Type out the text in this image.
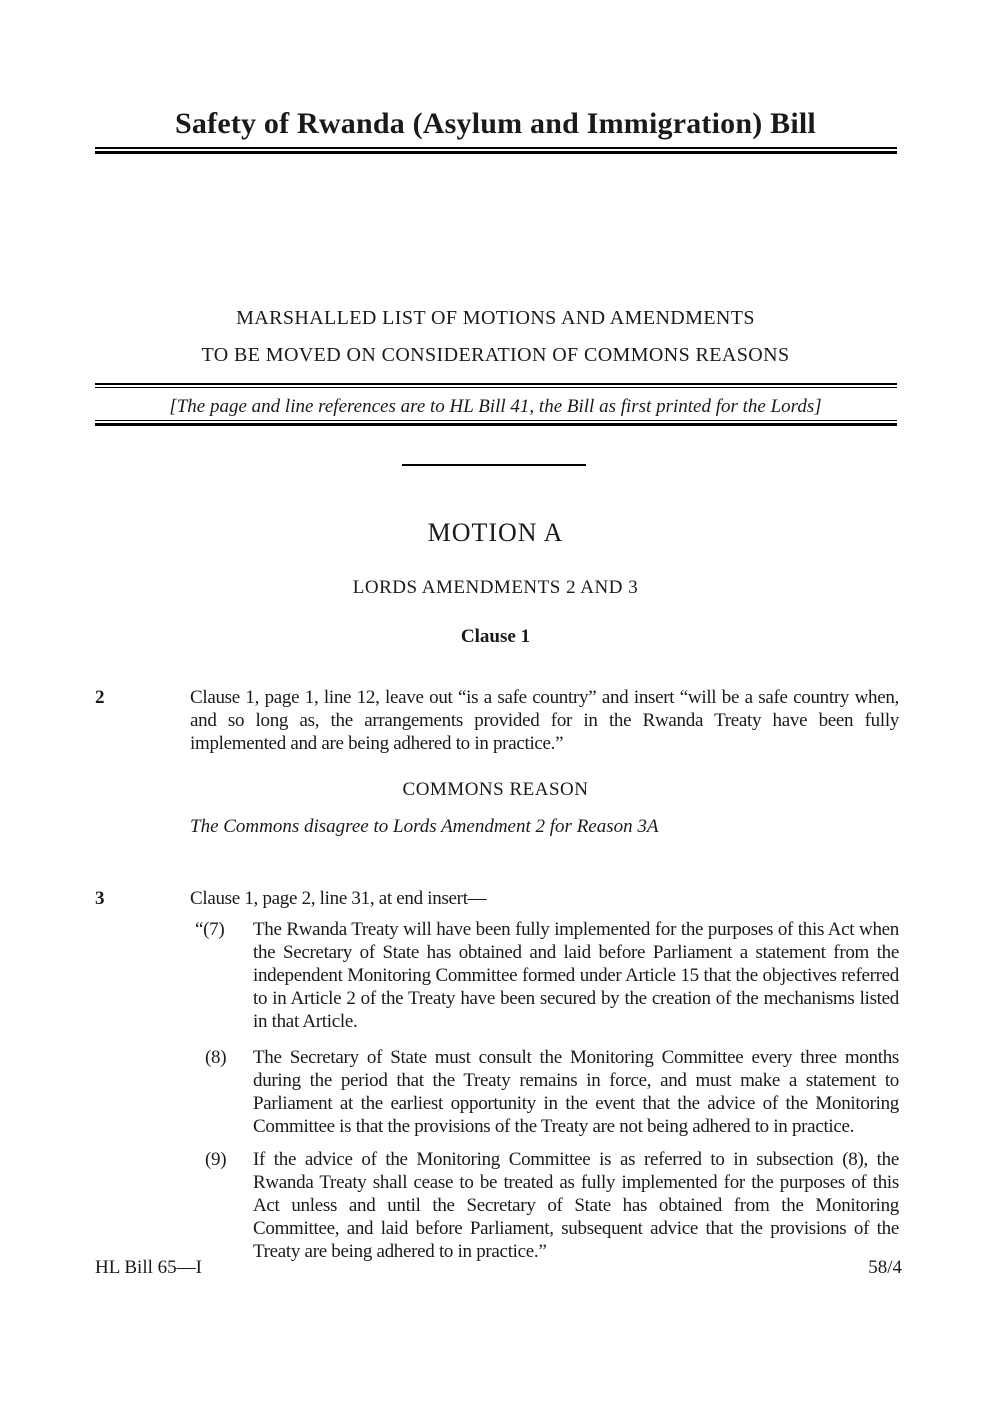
Safety of Rwanda (Asylum and Immigration) Bill
MARSHALLED LIST OF MOTIONS AND AMENDMENTS
TO BE MOVED ON CONSIDERATION OF COMMONS REASONS
[The page and line references are to HL Bill 41, the Bill as first printed for the Lords]
MOTION A
LORDS AMENDMENTS 2 AND 3
Clause 1
2	Clause 1, page 1, line 12, leave out “is a safe country” and insert “will be a safe country when, and so long as, the arrangements provided for in the Rwanda Treaty have been fully implemented and are being adhered to in practice.”
COMMONS REASON
The Commons disagree to Lords Amendment 2 for Reason 3A
3	Clause 1, page 2, line 31, at end insert—
“(7) The Rwanda Treaty will have been fully implemented for the purposes of this Act when the Secretary of State has obtained and laid before Parliament a statement from the independent Monitoring Committee formed under Article 15 that the objectives referred to in Article 2 of the Treaty have been secured by the creation of the mechanisms listed in that Article.
(8) The Secretary of State must consult the Monitoring Committee every three months during the period that the Treaty remains in force, and must make a statement to Parliament at the earliest opportunity in the event that the advice of the Monitoring Committee is that the provisions of the Treaty are not being adhered to in practice.
(9) If the advice of the Monitoring Committee is as referred to in subsection (8), the Rwanda Treaty shall cease to be treated as fully implemented for the purposes of this Act unless and until the Secretary of State has obtained from the Monitoring Committee, and laid before Parliament, subsequent advice that the provisions of the Treaty are being adhered to in practice.”
HL Bill 65—I	58/4
